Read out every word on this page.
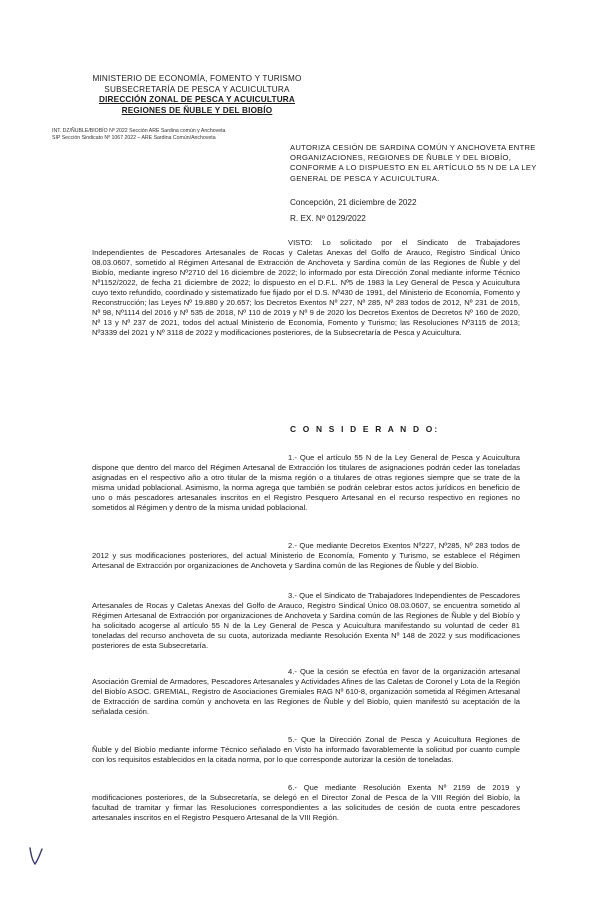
MINISTERIO DE ECONOMÍA, FOMENTO Y TURISMO
SUBSECRETARÍA DE PESCA Y ACUICULTURA
DIRECCIÓN ZONAL DE PESCA Y ACUICULTURA
REGIONES DE ÑUBLE Y DEL BIOBÍO
INT. DZ/ÑUBLE/BIOBÍO Nº 2022 Sección ARE Sardina común y Anchoveta
SIP Sección Sindicato Nº 1067 2022 – ARE Sardina Común/Anchoveta
AUTORIZA CESIÓN DE SARDINA COMÚN Y ANCHOVETA ENTRE ORGANIZACIONES, REGIONES DE ÑUBLE Y DEL BIOBÍO, CONFORME A LO DISPUESTO EN EL ARTÍCULO 55 N DE LA LEY GENERAL DE PESCA Y ACUICULTURA.
Concepción, 21 diciembre de 2022
R. EX. Nº 0129/2022

VISTO: Lo solicitado por el Sindicato de Trabajadores Independientes de Pescadores Artesanales de Rocas y Caletas Anexas del Golfo de Arauco, Registro Sindical Único 08.03.0607, sometido al Régimen Artesanal de Extracción de Anchoveta y Sardina común de las Regiones de Ñuble y del Biobío, mediante ingreso Nº2710 del 16 diciembre de 2022; lo informado por esta Dirección Zonal mediante informe Técnico Nº1152/2022, de fecha 21 diciembre de 2022; lo dispuesto en el D.F.L. Nº5 de 1983 la Ley General de Pesca y Acuicultura cuyo texto refundido, coordinado y sistematizado fue fijado por el D.S. Nº430 de 1991, del Ministerio de Economía, Fomento y Reconstrucción; las Leyes Nº 19.880 y 20.657; los Decretos Exentos Nº 227, Nº 285, Nº 283 todos de 2012, Nº 231 de 2015, Nº 98, Nº1114 del 2016 y Nº 535 de 2018, Nº 110 de 2019 y Nº 9 de 2020 los Decretos Exentos de Decretos Nº 160 de 2020, Nº 13 y Nº 237 de 2021, todos del actual Ministerio de Economía, Fomento y Turismo; las Resoluciones Nº3115 de 2013; Nº3339 del 2021 y Nº 3118 de 2022 y modificaciones posteriores, de la Subsecretaría de Pesca y Acuicultura.

C O N S I D E R A N D O:

1.- Que el artículo 55 N de la Ley General de Pesca y Acuicultura dispone que dentro del marco del Régimen Artesanal de Extracción los titulares de asignaciones podrán ceder las toneladas asignadas en el respectivo año a otro titular de la misma región o a titulares de otras regiones siempre que se trate de la misma unidad poblacional. Asimismo, la norma agrega que también se podrán celebrar estos actos jurídicos en beneficio de uno o más pescadores artesanales inscritos en el Registro Pesquero Artesanal en el recurso respectivo en regiones no sometidos al Régimen y dentro de la misma unidad poblacional.

2.- Que mediante Decretos Exentos Nº227, Nº285, Nº 283 todos de 2012 y sus modificaciones posteriores, del actual Ministerio de Economía, Fomento y Turismo, se establece el Régimen Artesanal de Extracción por organizaciones de Anchoveta y Sardina común de las Regiones de Ñuble y del Biobío.

3.- Que el Sindicato de Trabajadores Independientes de Pescadores Artesanales de Rocas y Caletas Anexas del Golfo de Arauco, Registro Sindical Único 08.03.0607, se encuentra sometido al Régimen Artesanal de Extracción por organizaciones de Anchoveta y Sardina común de las Regiones de Ñuble y del Biobío y ha solicitado acogerse al artículo 55 N de la Ley General de Pesca y Acuicultura manifestando su voluntad de ceder 81 toneladas del recurso anchoveta de su cuota, autorizada mediante Resolución Exenta Nº 148 de 2022 y sus modificaciones posteriores de esta Subsecretaría.

4.- Que la cesión se efectúa en favor de la organización artesanal Asociación Gremial de Armadores, Pescadores Artesanales y Actividades Afines de las Caletas de Coronel y Lota de la Región del Biobío ASOC. GREMIAL, Registro de Asociaciones Gremiales RAG Nº 610-8, organización sometida al Régimen Artesanal de Extracción de sardina común y anchoveta en las Regiones de Ñuble y del Biobío, quien manifestó su aceptación de la señalada cesión.

5.- Que la Dirección Zonal de Pesca y Acuicultura Regiones de Ñuble y del Biobío mediante informe Técnico señalado en Visto ha informado favorablemente la solicitud por cuanto cumple con los requisitos establecidos en la citada norma, por lo que corresponde autorizar la cesión de toneladas.

6.- Que mediante Resolución Exenta Nº 2159 de 2019 y modificaciones posteriores, de la Subsecretaría, se delegó en el Director Zonal de Pesca de la VIII Región del Biobío, la facultad de tramitar y firmar las Resoluciones correspondientes a las solicitudes de cesión de cuota entre pescadores artesanales inscritos en el Registro Pesquero Artesanal de la VIII Región.
